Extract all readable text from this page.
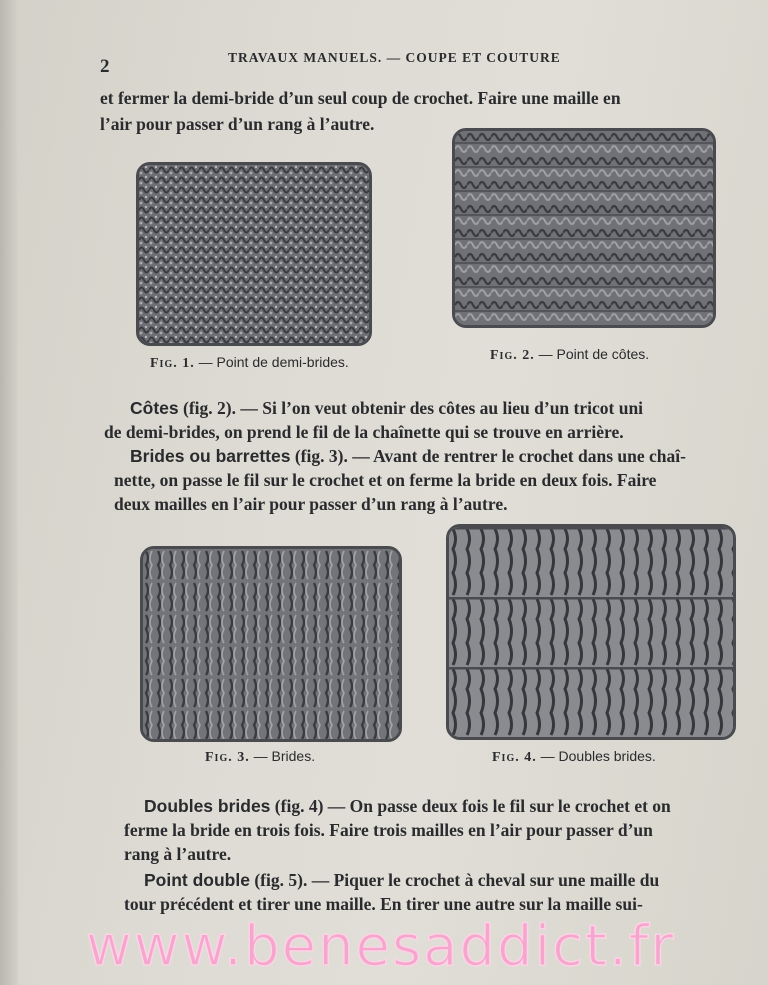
2	TRAVAUX MANUELS. — COUPE ET COUTURE
et fermer la demi-bride d’un seul coup de crochet. Faire une maille en
l’air pour passer d’un rang à l’autre.
Fig. 1. — Point de demi-brides.	Fig. 2. — Point de côtes.
Côtes (fig. 2). — Si l’on veut obtenir des côtes au lieu d’un tricot uni
de demi-brides, on prend le fil de la chaînette qui se trouve en arrière.
Brides ou barrettes (fig. 3). — Avant de rentrer le crochet dans une chaî-
nette, on passe le fil sur le crochet et on ferme la bride en deux fois. Faire
deux mailles en l’air pour passer d’un rang à l’autre.
Fig. 3. — Brides.	Fig. 4. — Doubles brides.
Doubles brides (fig. 4) — On passe deux fois le fil sur le crochet et on
ferme la bride en trois fois. Faire trois mailles en l’air pour passer d’un
rang à l’autre.
Point double (fig. 5). — Piquer le crochet à cheval sur une maille du
tour précédent et tirer une maille. En tirer une autre sur la maille sui-
www.benesaddict.fr
